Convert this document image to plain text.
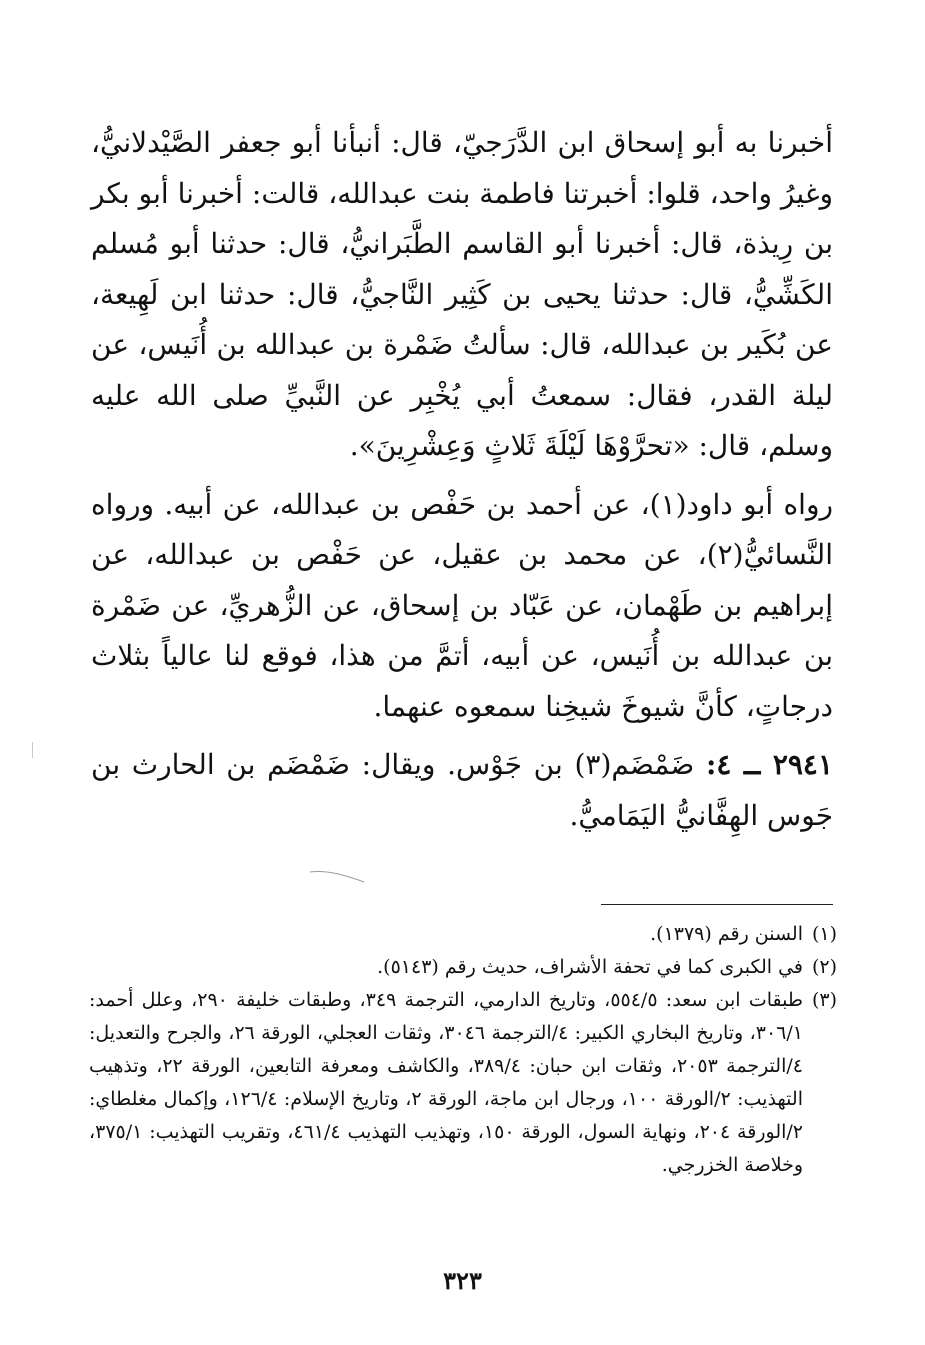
أخبرنا به أبو إسحاق ابن الدَّرَجيّ، قال: أنبأنا أبو جعفر الصَّيْدلانيُّ، وغيرُ واحد، قلوا: أخبرتنا فاطمة بنت عبدالله، قالت: أخبرنا أبو بكر بن رِيذة، قال: أخبرنا أبو القاسم الطَّبَرانيُّ، قال: حدثنا أبو مُسلم الكَشِّيُّ، قال: حدثنا يحيى بن كَثِير النَّاجيُّ، قال: حدثنا ابن لَهِيعة، عن بُكَير بن عبدالله، قال: سألتُ ضَمْرة بن عبدالله بن أُنَيس، عن ليلة القدر، فقال: سمعتُ أبي يُخْبِر عن النَّبيِّ صلى الله عليه وسلم، قال: «تحرَّوْهَا لَيْلَةَ ثَلاثٍ وَعِشْرِينَ».

رواه أبو داود(١)، عن أحمد بن حَفْص بن عبدالله، عن أبيه. ورواه النَّسائيُّ(٢)، عن محمد بن عقيل، عن حَفْص بن عبدالله، عن إبراهيم بن طَهْمان، عن عَبّاد بن إسحاق، عن الزُّهريِّ، عن ضَمْرة بن عبدالله بن أُنَيس، عن أبيه، أتمَّ من هذا، فوقع لنا عالياً بثلاث درجاتٍ، كأنَّ شيوخَ شيخِنا سمعوه عنهما.

٢٩٤١ ــ ٤: ضَمْضَم(٣) بن جَوْس. ويقال: ضَمْضَم بن الحارث بن جَوس الهِفَّانيُّ اليَمَاميُّ.

(١)
السنن رقم (١٣٧٩).
(٢)
في الكبرى كما في تحفة الأشراف، حديث رقم (٥١٤٣).
(٣)
طبقات ابن سعد: ٥٥٤/٥، وتاريخ الدارمي، الترجمة ٣٤٩، وطبقات خليفة ٢٩٠، وعلل أحمد: ٣٠٦/١، وتاريخ البخاري الكبير: ٤/الترجمة ٣٠٤٦، وثقات العجلي، الورقة ٢٦، والجرح والتعديل: ٤/الترجمة ٢٠٥٣، وثقات ابن حبان: ٣٨٩/٤، والكاشف ومعرفة التابعين، الورقة ٢٢، وتذهيب التهذيب: ٢/الورقة ١٠٠، ورجال ابن ماجة، الورقة ٢، وتاريخ الإسلام: ١٢٦/٤، وإكمال مغلطاي: ٢/الورقة ٢٠٤، ونهاية السول، الورقة ١٥٠، وتهذيب التهذيب ٤٦١/٤، وتقريب التهذيب: ٣٧٥/١، وخلاصة الخزرجي.
٣٢٣
